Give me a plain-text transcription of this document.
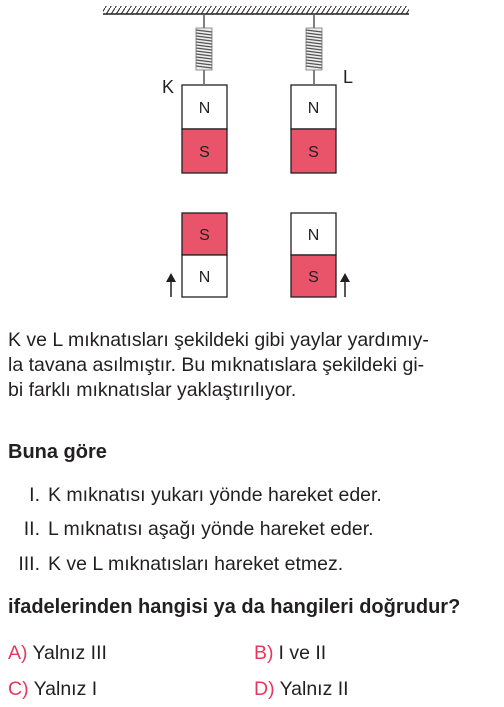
K	L
N
S
N
S
S
N
N
S
K ve L mıknatısları şekildeki gibi yaylar yardımıy-
la tavana asılmıştır. Bu mıknatıslara şekildeki gi-
bi farklı mıknatıslar yaklaştırılıyor.
Buna göre
I. K mıknatısı yukarı yönde hareket eder.
II. L mıknatısı aşağı yönde hareket eder.
III. K ve L mıknatısları hareket etmez.
ifadelerinden hangisi ya da hangileri doğrudur?
A) Yalnız III	B) I ve II
C) Yalnız I	D) Yalnız II
